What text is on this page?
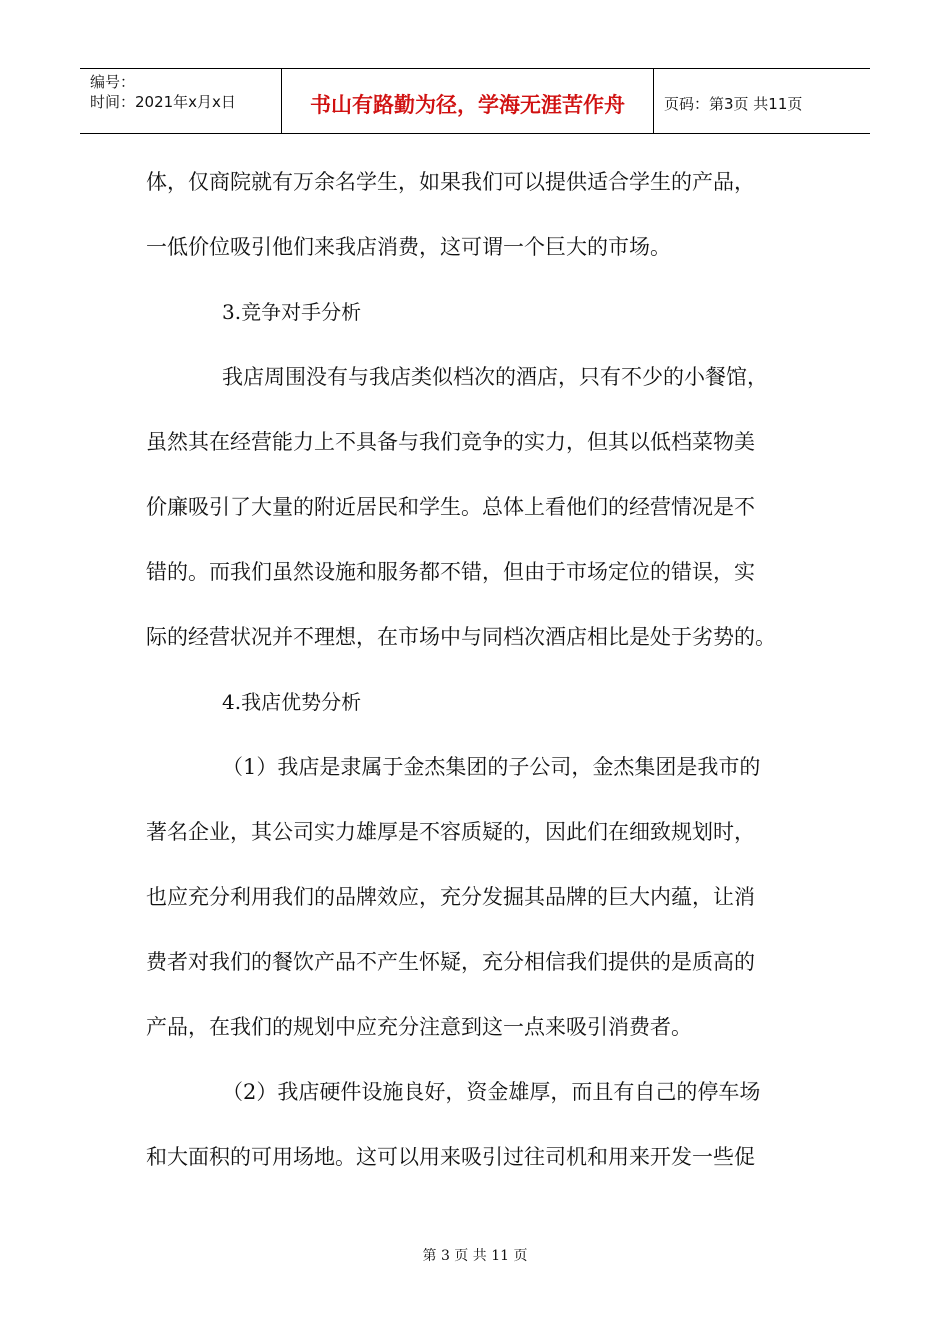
编号：
时间：2021年x月x日	书山有路勤为径，学海无涯苦作舟	页码：第3页 共11页
体，仅商院就有万余名学生，如果我们可以提供适合学生的产品，
一低价位吸引他们来我店消费，这可谓一个巨大的市场。
3.竞争对手分析
我店周围没有与我店类似档次的酒店，只有不少的小餐馆，
虽然其在经营能力上不具备与我们竞争的实力，但其以低档菜物美
价廉吸引了大量的附近居民和学生。总体上看他们的经营情况是不
错的。而我们虽然设施和服务都不错，但由于市场定位的错误，实
际的经营状况并不理想，在市场中与同档次酒店相比是处于劣势的。
4.我店优势分析
（1）我店是隶属于金杰集团的子公司，金杰集团是我市的
著名企业，其公司实力雄厚是不容质疑的，因此们在细致规划时，
也应充分利用我们的品牌效应，充分发掘其品牌的巨大内蕴，让消
费者对我们的餐饮产品不产生怀疑，充分相信我们提供的是质高的
产品，在我们的规划中应充分注意到这一点来吸引消费者。
（2）我店硬件设施良好，资金雄厚，而且有自己的停车场
和大面积的可用场地。这可以用来吸引过往司机和用来开发一些促
第 3 页 共 11 页
